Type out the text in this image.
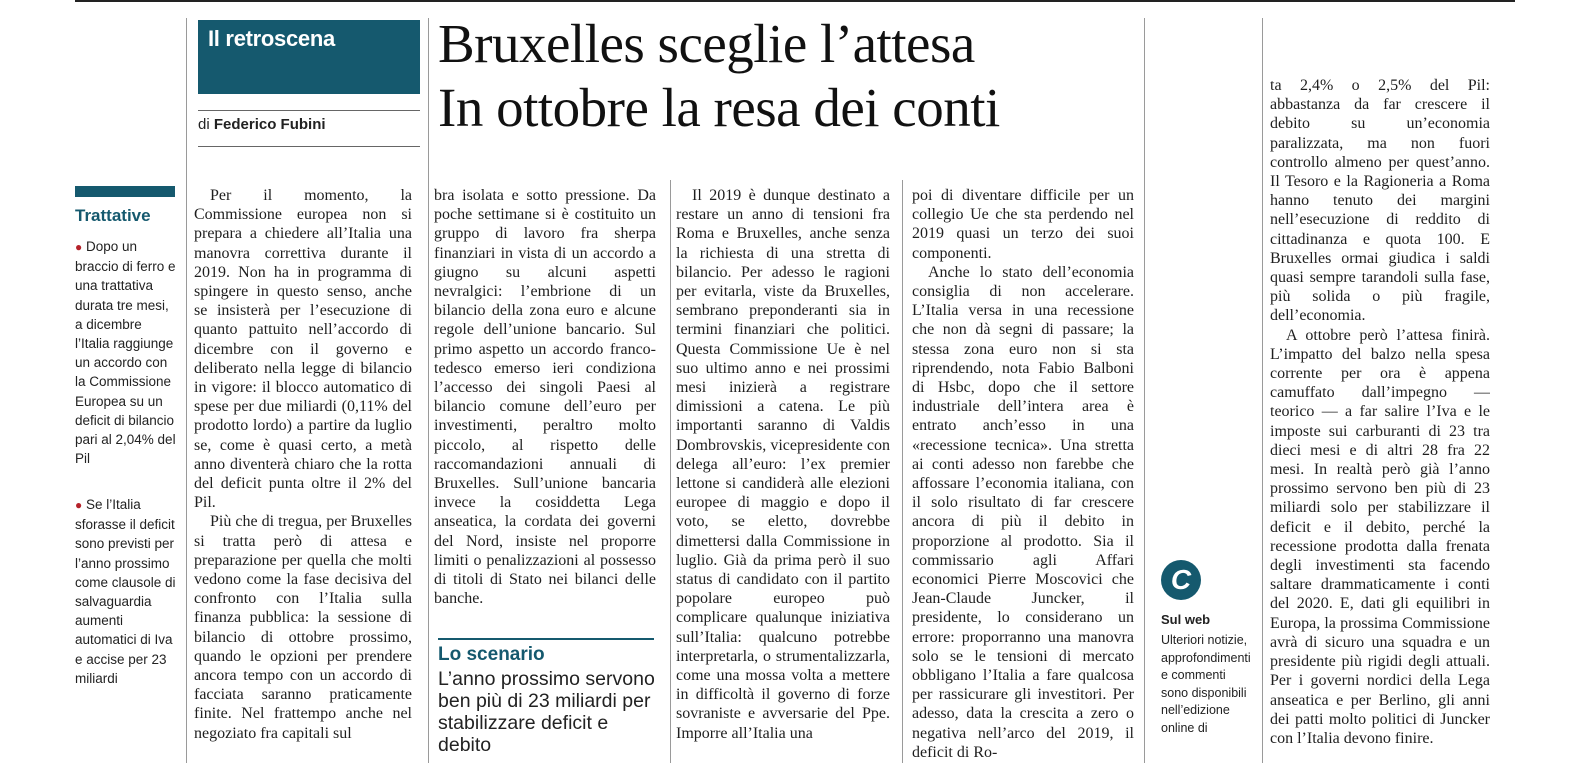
Il retroscena
di Federico Fubini
Bruxelles sceglie l’attesa
In ottobre la resa dei conti
Trattative
● Dopo un braccio di ferro e una trattativa durata tre mesi, a dicembre l’Italia raggiunge un accordo con la Commissione Europea su un deficit di bilancio pari al 2,04% del Pil
● Se l’Italia sforasse il deficit sono previsti per l’anno prossimo come clausole di salvaguardia aumenti automatici di Iva e accise per 23 miliardi

Per il momento, la Commissione europea non si prepara a chiedere all’Italia una manovra correttiva durante il 2019. Non ha in programma di spingere in questo senso, anche se insisterà per l’esecuzione di quanto pattuito nell’accordo di dicembre con il governo e deliberato nella legge di bilancio in vigore: il blocco automatico di spese per due miliardi (0,11% del prodotto lordo) a partire da luglio se, come è quasi certo, a metà anno diventerà chiaro che la rotta del deficit punta oltre il 2% del Pil.

Più che di tregua, per Bruxelles si tratta però di attesa e preparazione per quella che molti vedono come la fase decisiva del confronto con l’Italia sulla finanza pubblica: la sessione di bilancio di ottobre prossimo, quando le opzioni per prendere ancora tempo con un accordo di facciata saranno praticamente finite. Nel frattempo anche nel negoziato fra capitali sul

bra isolata e sotto pressione. Da poche settimane si è costituito un gruppo di lavoro fra sherpa finanziari in vista di un accordo a giugno su alcuni aspetti nevralgici: l’embrione di un bilancio della zona euro e alcune regole dell’unione bancario. Sul primo aspetto un accordo franco-tedesco emerso ieri condiziona l’accesso dei singoli Paesi al bilancio comune dell’euro per investimenti, peraltro molto piccolo, al rispetto delle raccomandazioni annuali di Bruxelles. Sull’unione bancaria invece la cosiddetta Lega anseatica, la cordata dei governi del Nord, insiste nel proporre limiti o penalizzazioni al possesso di titoli di Stato nei bilanci delle banche.

Lo scenario
L’anno prossimo servono ben più di 23 miliardi per stabilizzare deficit e debito

Il 2019 è dunque destinato a restare un anno di tensioni fra Roma e Bruxelles, anche senza la richiesta di una stretta di bilancio. Per adesso le ragioni per evitarla, viste da Bruxelles, sembrano preponderanti sia in termini finanziari che politici. Questa Commissione Ue è nel suo ultimo anno e nei prossimi mesi inizierà a registrare dimissioni a catena. Le più importanti saranno di Valdis Dombrovskis, vicepresidente con delega all’euro: l’ex premier lettone si candiderà alle elezioni europee di maggio e dopo il voto, se eletto, dovrebbe dimettersi dalla Commissione in luglio. Già da prima però il suo status di candidato con il partito popolare europeo può complicare qualunque iniziativa sull’Italia: qualcuno potrebbe interpretarla, o strumentalizzarla, come una mossa volta a mettere in difficoltà il governo di forze sovraniste e avversarie del Ppe. Imporre all’Italia una

poi di diventare difficile per un collegio Ue che sta perdendo nel 2019 quasi un terzo dei suoi componenti.

Anche lo stato dell’economia consiglia di non accelerare. L’Italia versa in una recessione che non dà segni di passare; la stessa zona euro non si sta riprendendo, nota Fabio Balboni di Hsbc, dopo che il settore industriale dell’intera area è entrato anch’esso in una «recessione tecnica». Una stretta ai conti adesso non farebbe che affossare l’economia italiana, con il solo risultato di far crescere ancora di più il debito in proporzione al prodotto. Sia il commissario agli Affari economici Pierre Moscovici che Jean-Claude Juncker, il presidente, lo considerano un errore: proporranno una manovra solo se le tensioni di mercato obbligano l’Italia a fare qualcosa per rassicurare gli investitori. Per adesso, data la crescita a zero o negativa nell’arco del 2019, il deficit di Ro-

C
Sul web
Ulteriori notizie, approfondimenti e commenti sono disponibili nell’edizione online di

ta 2,4% o 2,5% del Pil: abbastanza da far crescere il debito su un’economia paralizzata, ma non fuori controllo almeno per quest’anno. Il Tesoro e la Ragioneria a Roma hanno tenuto dei margini nell’esecuzione di reddito di cittadinanza e quota 100. E Bruxelles ormai giudica i saldi quasi sempre tarandoli sulla fase, più solida o più fragile, dell’economia.

A ottobre però l’attesa finirà. L’impatto del balzo nella spesa corrente per ora è appena camuffato dall’impegno — teorico — a far salire l’Iva e le imposte sui carburanti di 23 tra dieci mesi e di altri 28 fra 22 mesi. In realtà però già l’anno prossimo servono ben più di 23 miliardi solo per stabilizzare il deficit e il debito, perché la recessione prodotta dalla frenata degli investimenti sta facendo saltare drammaticamente i conti del 2020. E, dati gli equilibri in Europa, la prossima Commissione avrà di sicuro una squadra e un presidente più rigidi degli attuali. Per i governi nordici della Lega anseatica e per Berlino, gli anni dei patti molto politici di Juncker con l’Italia devono finire.
